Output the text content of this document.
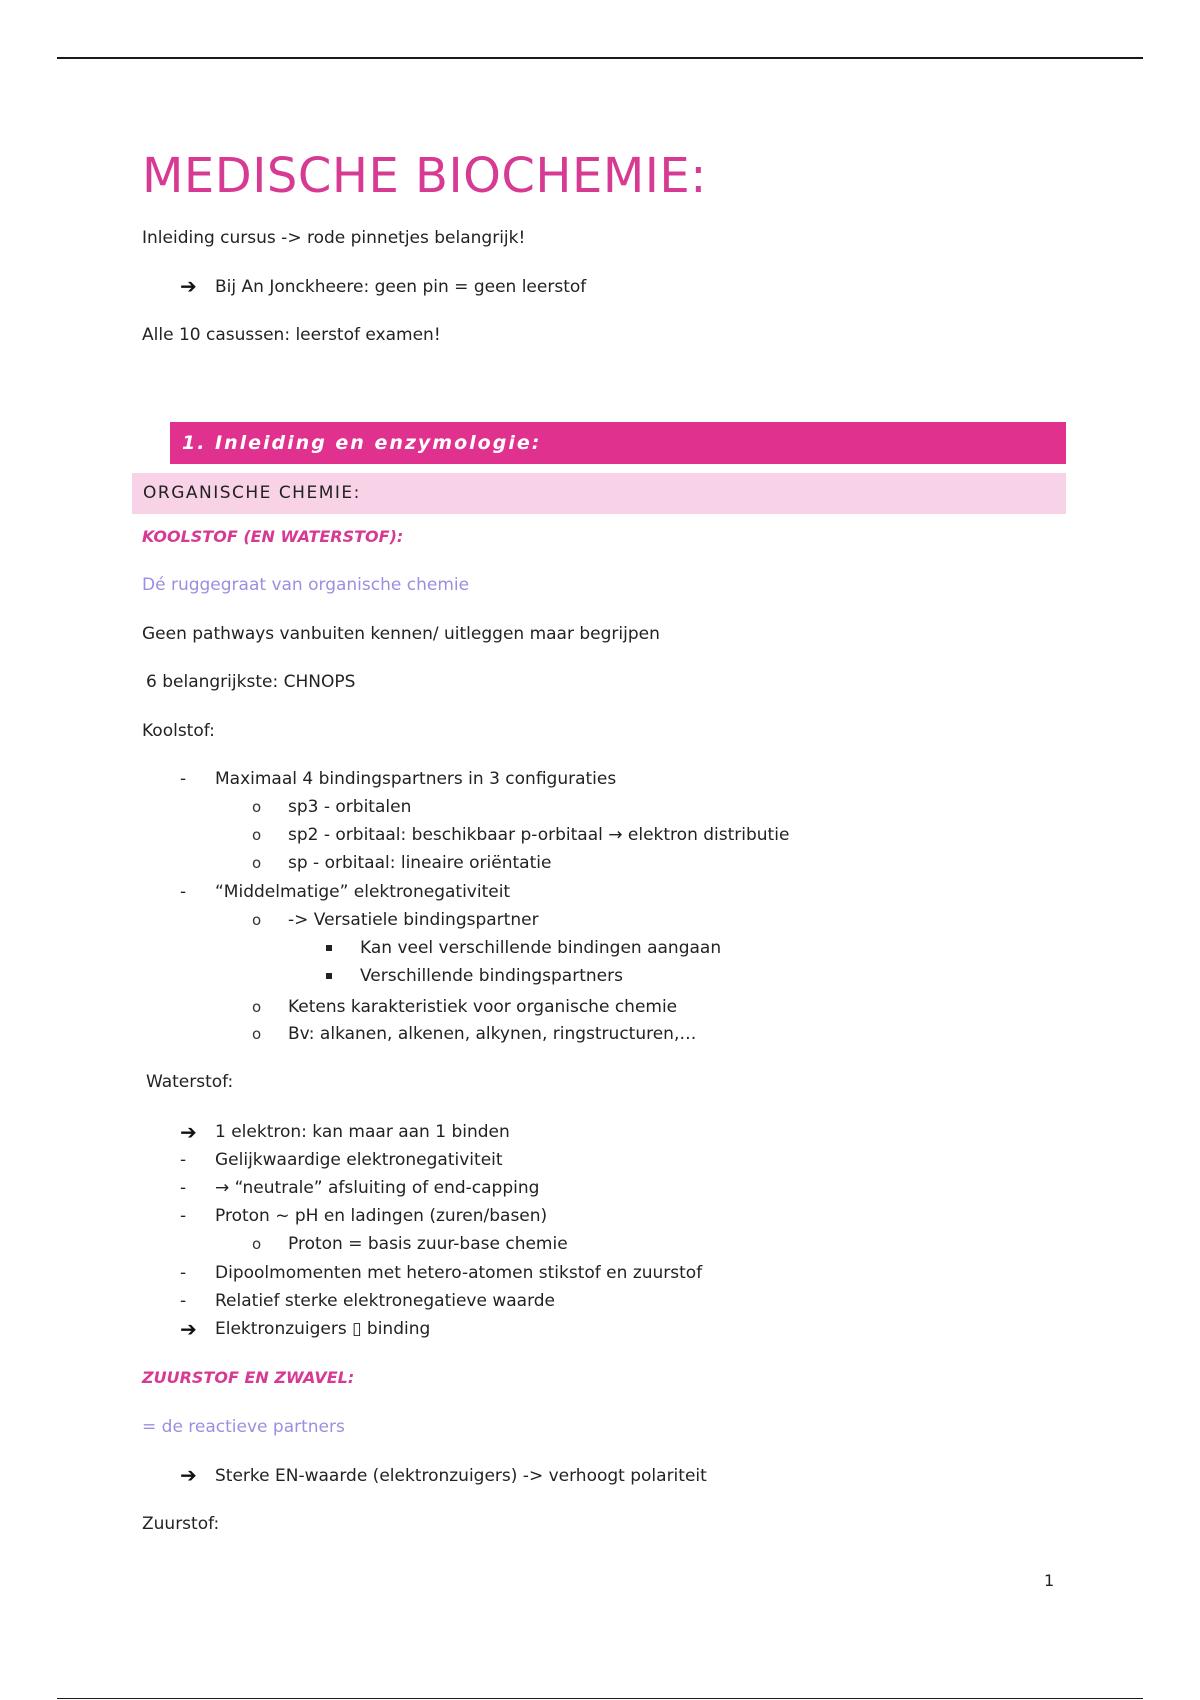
MEDISCHE BIOCHEMIE:
Inleiding cursus -> rode pinnetjes belangrijk!
➔ Bij An Jonckheere: geen pin = geen leerstof
Alle 10 casussen: leerstof examen!
1. Inleiding en enzymologie:
ORGANISCHE CHEMIE:
KOOLSTOF (EN WATERSTOF):
Dé ruggegraat van organische chemie
Geen pathways vanbuiten kennen/ uitleggen maar begrijpen
6 belangrijkste: CHNOPS
Koolstof:
- Maximaal 4 bindingspartners in 3 configuraties
o sp3 - orbitalen
o sp2 - orbitaal: beschikbaar p-orbitaal → elektron distributie
o sp - orbitaal: lineaire oriëntatie
- “Middelmatige” elektronegativiteit
o -> Versatiele bindingspartner
Kan veel verschillende bindingen aangaan
Verschillende bindingspartners
o Ketens karakteristiek voor organische chemie
o Bv: alkanen, alkenen, alkynen, ringstructuren,…
Waterstof:
➔ 1 elektron: kan maar aan 1 binden
- Gelijkwaardige elektronegativiteit
- → “neutrale” afsluiting of end-capping
- Proton ~ pH en ladingen (zuren/basen)
o Proton = basis zuur-base chemie
- Dipoolmomenten met hetero-atomen stikstof en zuurstof
- Relatief sterke elektronegatieve waarde
➔ Elektronzuigers ▯ binding
ZUURSTOF EN ZWAVEL:
= de reactieve partners
➔ Sterke EN-waarde (elektronzuigers) -> verhoogt polariteit
Zuurstof:
1
